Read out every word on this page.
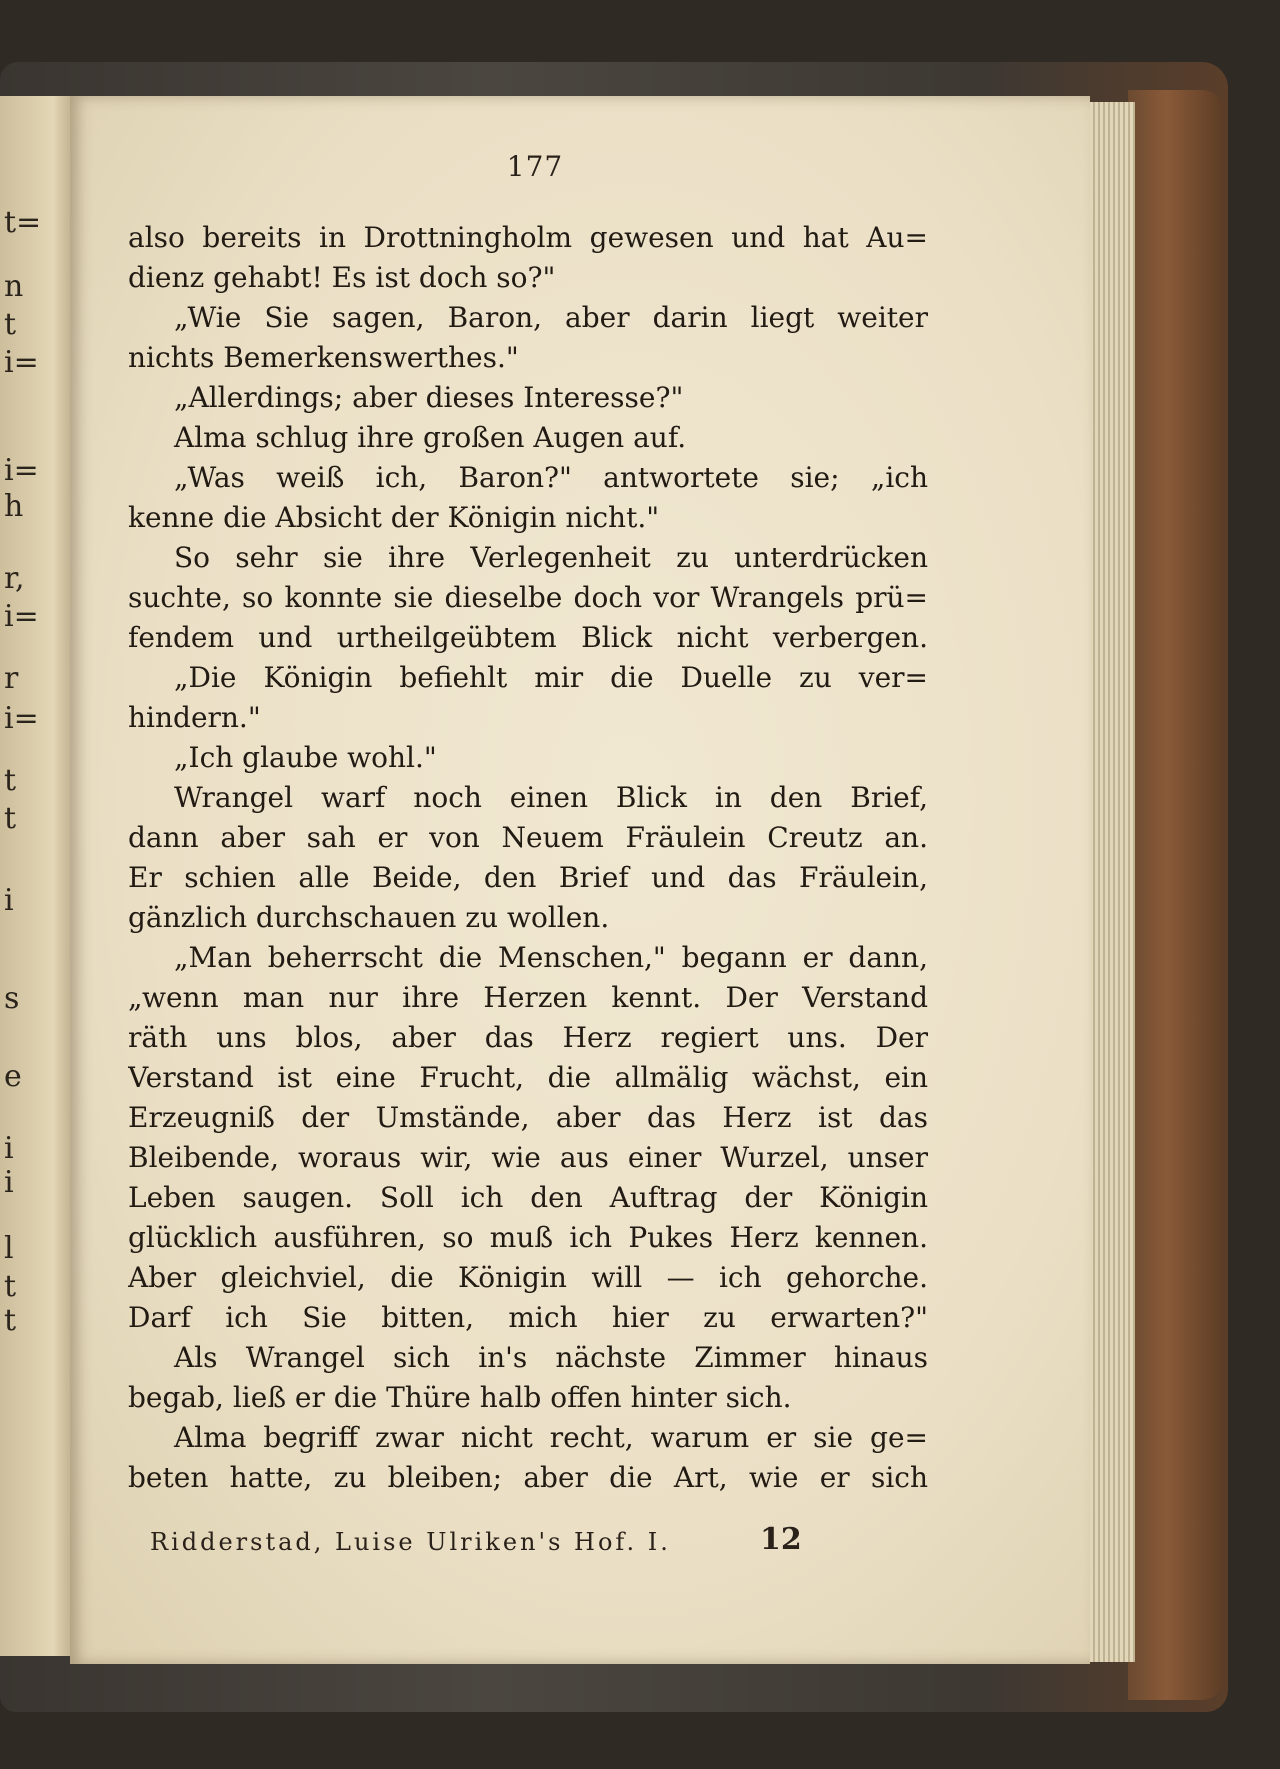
t=
n
t
i=
i=
h
r,
i=
r
i=
t
t
i
s
e
i
i
l
t
t
177
also bereits in Drottningholm gewesen und hat Au=
dienz gehabt! Es ist doch so?"
„Wie Sie sagen, Baron, aber darin liegt weiter
nichts Bemerkenswerthes."
„Allerdings; aber dieses Interesse?"
Alma schlug ihre großen Augen auf.
„Was weiß ich, Baron?" antwortete sie; „ich
kenne die Absicht der Königin nicht."
So sehr sie ihre Verlegenheit zu unterdrücken
suchte, so konnte sie dieselbe doch vor Wrangels prü=
fendem und urtheilgeübtem Blick nicht verbergen.
„Die Königin befiehlt mir die Duelle zu ver=
hindern."
„Ich glaube wohl."
Wrangel warf noch einen Blick in den Brief,
dann aber sah er von Neuem Fräulein Creutz an.
Er schien alle Beide, den Brief und das Fräulein,
gänzlich durchschauen zu wollen.
„Man beherrscht die Menschen," begann er dann,
„wenn man nur ihre Herzen kennt. Der Verstand
räth uns blos, aber das Herz regiert uns. Der
Verstand ist eine Frucht, die allmälig wächst, ein
Erzeugniß der Umstände, aber das Herz ist das
Bleibende, woraus wir, wie aus einer Wurzel, unser
Leben saugen. Soll ich den Auftrag der Königin
glücklich ausführen, so muß ich Pukes Herz kennen.
Aber gleichviel, die Königin will — ich gehorche.
Darf ich Sie bitten, mich hier zu erwarten?"
Als Wrangel sich in's nächste Zimmer hinaus
begab, ließ er die Thüre halb offen hinter sich.
Alma begriff zwar nicht recht, warum er sie ge=
beten hatte, zu bleiben; aber die Art, wie er sich
Ridderstad, Luise Ulriken's Hof. I.	12
